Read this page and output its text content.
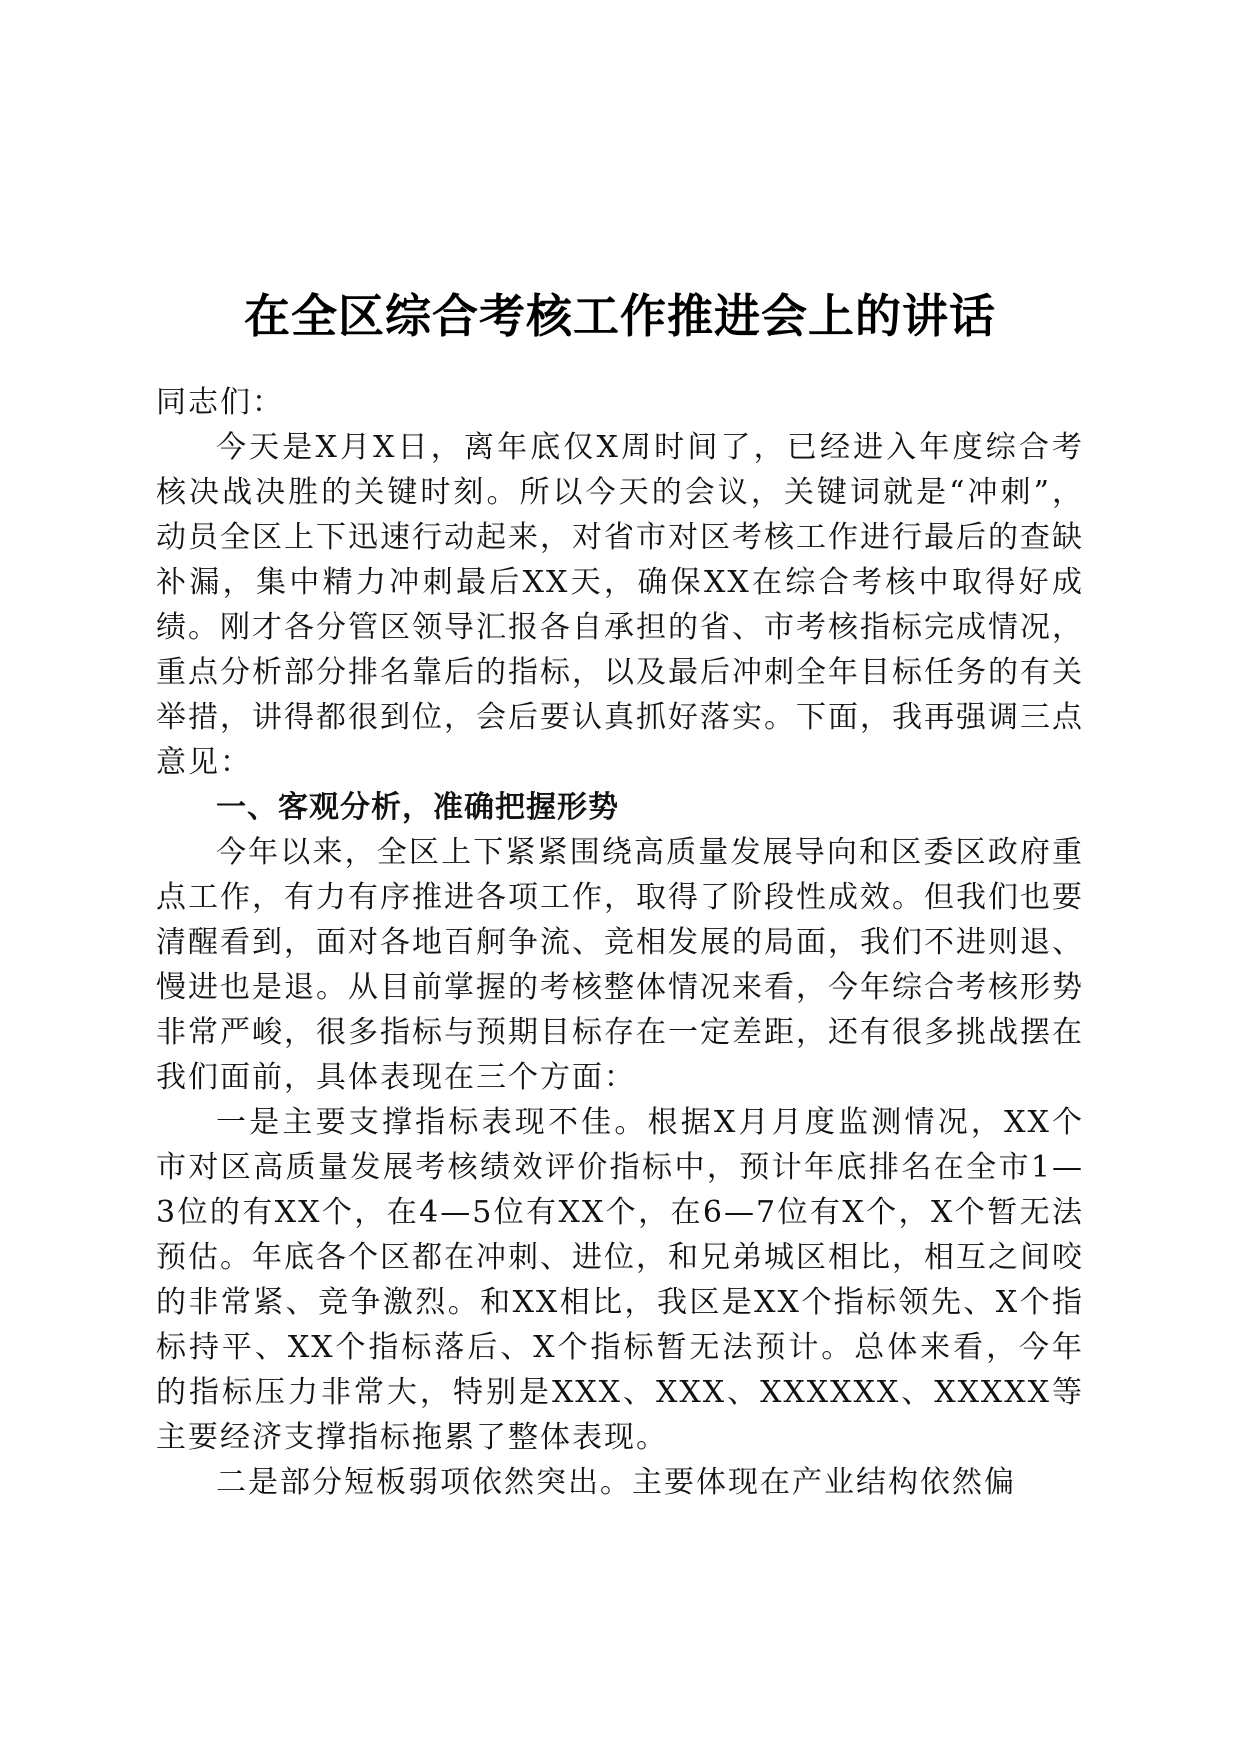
在全区综合考核工作推进会上的讲话

同志们：

今天是X月X日，离年底仅X周时间了，已经进入年度综合考核决战决胜的关键时刻。所以今天的会议，关键词就是“冲刺”，动员全区上下迅速行动起来，对省市对区考核工作进行最后的查缺补漏，集中精力冲刺最后XX天，确保XX在综合考核中取得好成绩。刚才各分管区领导汇报各自承担的省、市考核指标完成情况，重点分析部分排名靠后的指标，以及最后冲刺全年目标任务的有关举措，讲得都很到位，会后要认真抓好落实。下面，我再强调三点意见：

一、客观分析，准确把握形势

今年以来，全区上下紧紧围绕高质量发展导向和区委区政府重点工作，有力有序推进各项工作，取得了阶段性成效。但我们也要清醒看到，面对各地百舸争流、竞相发展的局面，我们不进则退、慢进也是退。从目前掌握的考核整体情况来看，今年综合考核形势非常严峻，很多指标与预期目标存在一定差距，还有很多挑战摆在我们面前，具体表现在三个方面：

一是主要支撑指标表现不佳。根据X月月度监测情况，XX个市对区高质量发展考核绩效评价指标中，预计年底排名在全市1—3位的有XX个，在4—5位有XX个，在6—7位有X个，X个暂无法预估。年底各个区都在冲刺、进位，和兄弟城区相比，相互之间咬的非常紧、竞争激烈。和XX相比，我区是XX个指标领先、X个指标持平、XX个指标落后、X个指标暂无法预计。总体来看，今年的指标压力非常大，特别是XXX、XXX、XXXXXX、XXXXX等主要经济支撑指标拖累了整体表现。

二是部分短板弱项依然突出。主要体现在产业结构依然偏
